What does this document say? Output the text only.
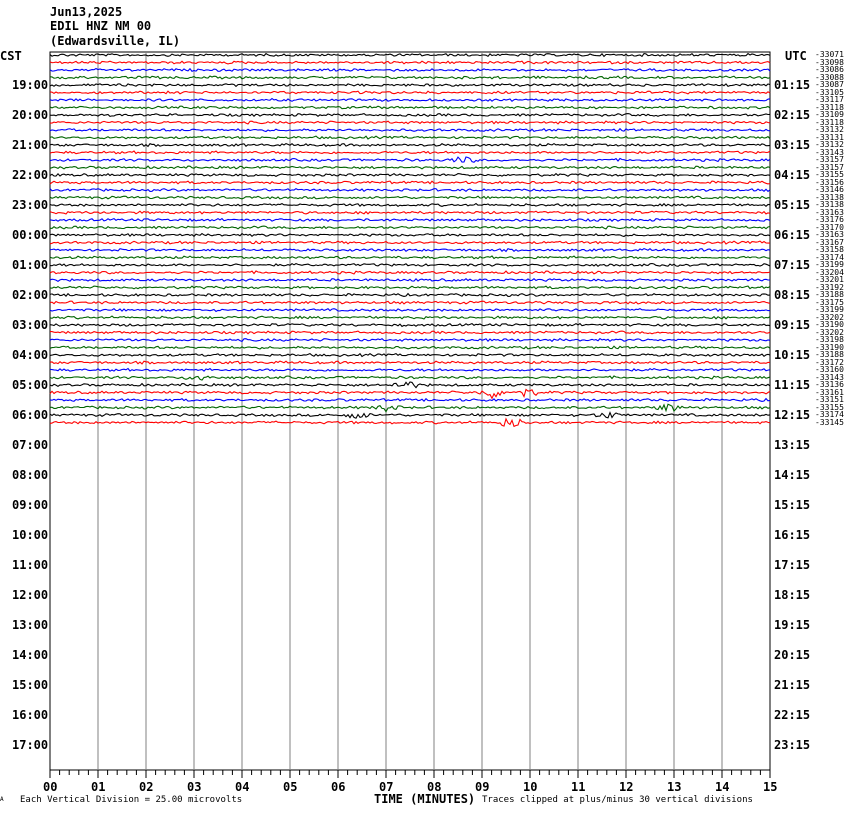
Jun13,2025
EDIL HNZ NM 00
(Edwardsville, IL)
CST	UTC
19:00
20:00
21:00
22:00
23:00
00:00
01:00
02:00
03:00
04:00
05:00
06:00
07:00
08:00
09:00
10:00
11:00
12:00
13:00
14:00
15:00
16:00
17:00
01:15
02:15
03:15
04:15
05:15
06:15
07:15
08:15
09:15
10:15
11:15
12:15
13:15
14:15
15:15
16:15
17:15
18:15
19:15
20:15
21:15
22:15
23:15
-33071
-33098
-33086
-33088
-33087
-33105
-33117
-33118
-33109
-33118
-33132
-33131
-33132
-33143
-33157
-33157
-33155
-33156
-33146
-33138
-33138
-33163
-33176
-33170
-33163
-33167
-33158
-33174
-33199
-33204
-33201
-33192
-33188
-33175
-33199
-33202
-33190
-33202
-33198
-33190
-33188
-33172
-33160
-33143
-33136
-33161
-33151
-33155
-33174
-33145
00	01	02	03	04	05	06	07	08	09	10	11	12	13	14	15
A Each Vertical Division = 25.00 microvolts	TIME (MINUTES) Traces clipped at plus/minus 30 vertical divisions
